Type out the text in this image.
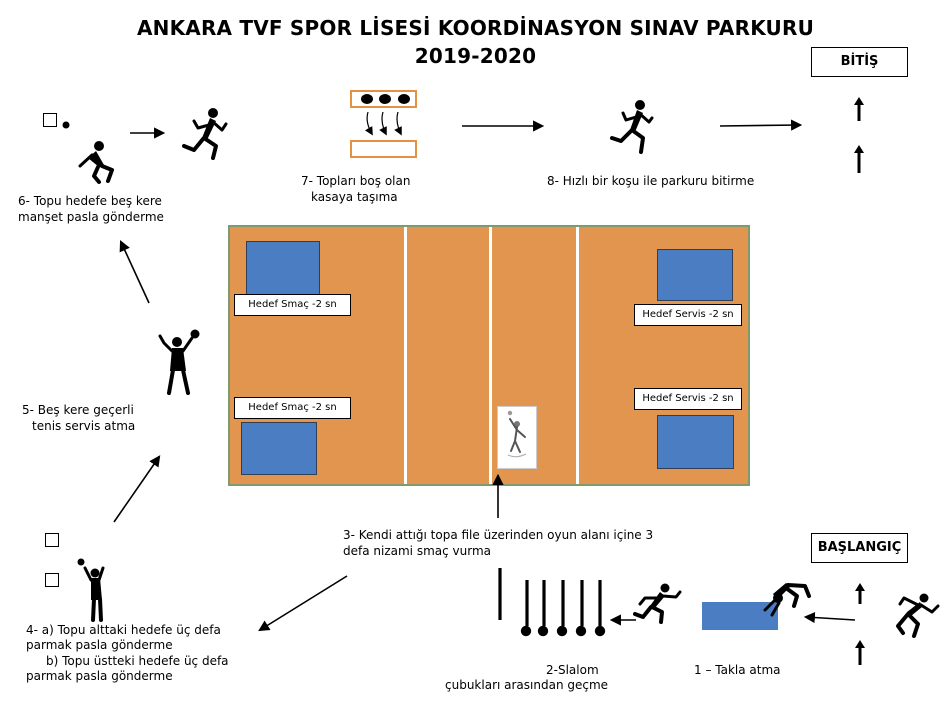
ANKARA TVF SPOR LİSESİ KOORDİNASYON SINAV PARKURU
2019-2020	BİTİŞ
BAŞLANGIÇ
Hedef Smaç -2 sn
Hedef Smaç -2 sn
Hedef Servis -2 sn
Hedef Servis -2 sn
1 – Takla atma
2-Slalom
çubukları arasından geçme
3- Kendi attığı topa file üzerinden oyun alanı içine 3
defa nizami smaç vurma
4- a) Topu alttaki hedefe üç defa
parmak pasla gönderme
b) Topu üstteki hedefe üç defa
parmak pasla gönderme
5- Beş kere geçerli
tenis servis atma
6- Topu hedefe beş kere
manşet pasla gönderme
7- Topları boş olan
kasaya taşıma
8- Hızlı bir koşu ile parkuru bitirme
